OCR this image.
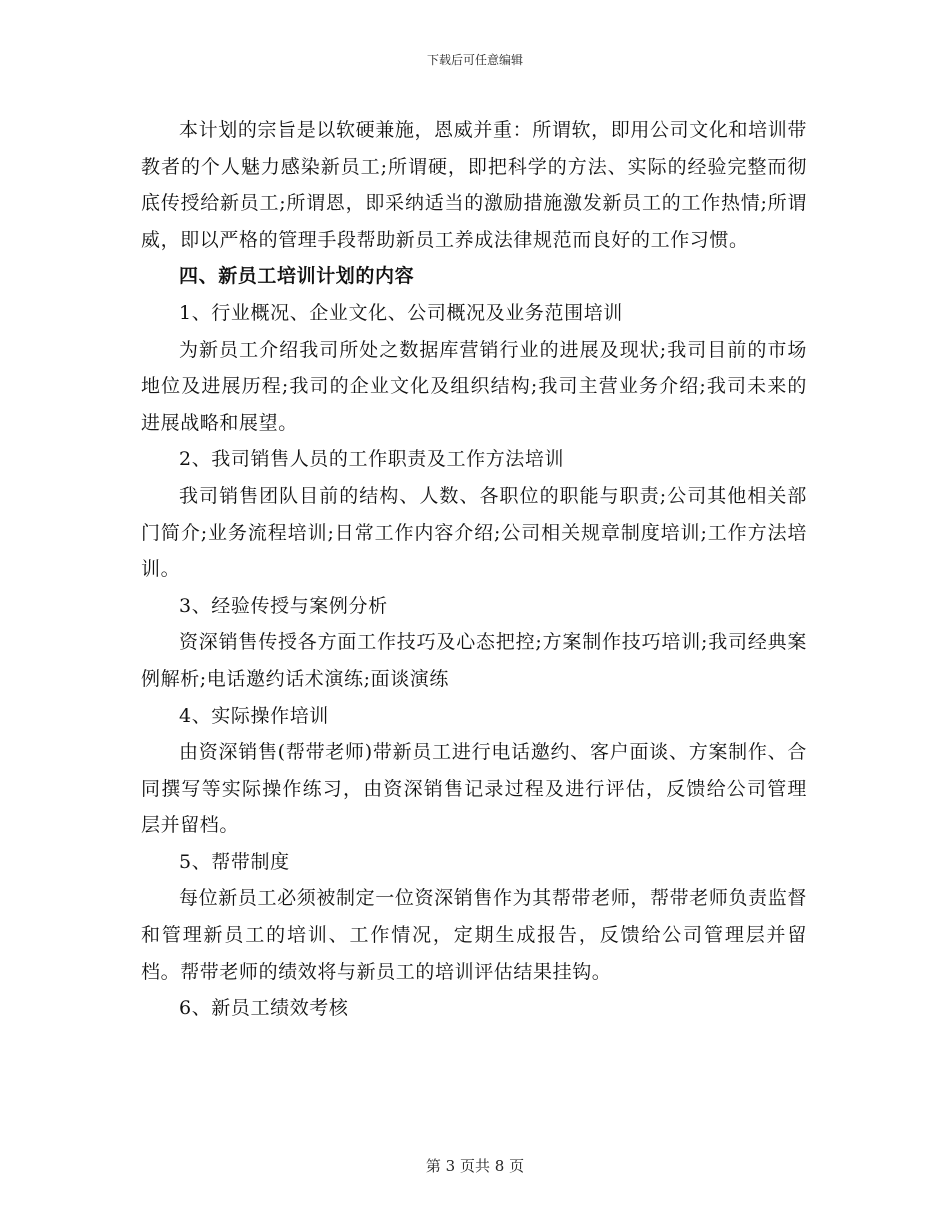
下载后可任意编辑

本计划的宗旨是以软硬兼施，恩威并重：所谓软，即用公司文化和培训带教者的个人魅力感染新员工;所谓硬，即把科学的方法、实际的经验完整而彻底传授给新员工;所谓恩，即采纳适当的激励措施激发新员工的工作热情;所谓威，即以严格的管理手段帮助新员工养成法律规范而良好的工作习惯。

四、新员工培训计划的内容

1、行业概况、企业文化、公司概况及业务范围培训

为新员工介绍我司所处之数据库营销行业的进展及现状;我司目前的市场地位及进展历程;我司的企业文化及组织结构;我司主营业务介绍;我司未来的进展战略和展望。

2、我司销售人员的工作职责及工作方法培训

我司销售团队目前的结构、人数、各职位的职能与职责;公司其他相关部门简介;业务流程培训;日常工作内容介绍;公司相关规章制度培训;工作方法培训。

3、经验传授与案例分析

资深销售传授各方面工作技巧及心态把控;方案制作技巧培训;我司经典案例解析;电话邀约话术演练;面谈演练

4、实际操作培训

由资深销售(帮带老师)带新员工进行电话邀约、客户面谈、方案制作、合同撰写等实际操作练习，由资深销售记录过程及进行评估，反馈给公司管理层并留档。

5、帮带制度

每位新员工必须被制定一位资深销售作为其帮带老师，帮带老师负责监督和管理新员工的培训、工作情况，定期生成报告，反馈给公司管理层并留档。帮带老师的绩效将与新员工的培训评估结果挂钩。

6、新员工绩效考核

第 3 页共 8 页
